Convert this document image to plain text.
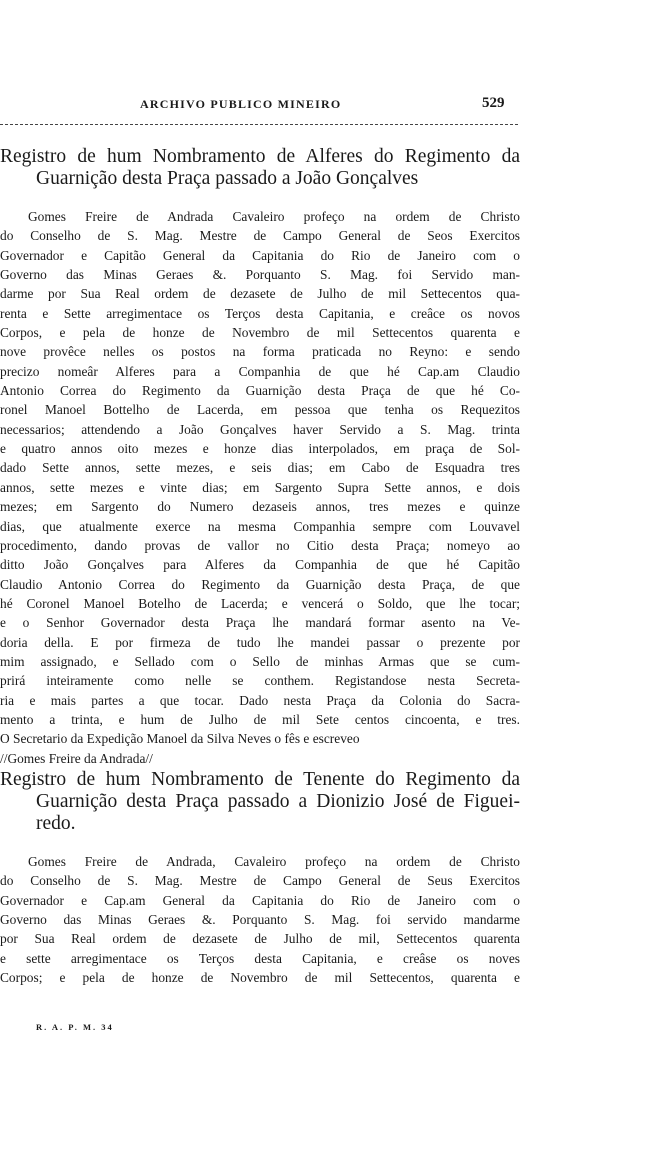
ARCHIVO PUBLICO MINEIRO	529
Registro de hum Nombramento de Alferes do Regimento da
Guarnição desta Praça passado a João Gonçalves
Gomes Freire de Andrada Cavaleiro profeço na ordem de Christo
do Conselho de S. Mag. Mestre de Campo General de Seos Exercitos
Governador e Capitão General da Capitania do Rio de Janeiro com o
Governo das Minas Geraes &. Porquanto S. Mag. foi Servido man-
darme por Sua Real ordem de dezasete de Julho de mil Settecentos qua-
renta e Sette arregimentace os Terços desta Capitania, e creâce os novos
Corpos, e pela de honze de Novembro de mil Settecentos quarenta e
nove provêce nelles os postos na forma praticada no Reyno: e sendo
precizo nomeâr Alferes para a Companhia de que hé Cap.am Claudio
Antonio Correa do Regimento da Guarnição desta Praça de que hé Co-
ronel Manoel Bottelho de Lacerda, em pessoa que tenha os Requezitos
necessarios; attendendo a João Gonçalves haver Servido a S. Mag. trinta
e quatro annos oito mezes e honze dias interpolados, em praça de Sol-
dado Sette annos, sette mezes, e seis dias; em Cabo de Esquadra tres
annos, sette mezes e vinte dias; em Sargento Supra Sette annos, e dois
mezes; em Sargento do Numero dezaseis annos, tres mezes e quinze
dias, que atualmente exerce na mesma Companhia sempre com Louvavel
procedimento, dando provas de vallor no Citio desta Praça; nomeyo ao
ditto João Gonçalves para Alferes da Companhia de que hé Capitão
Claudio Antonio Correa do Regimento da Guarnição desta Praça, de que
hé Coronel Manoel Botelho de Lacerda; e vencerá o Soldo, que lhe tocar;
e o Senhor Governador desta Praça lhe mandará formar asento na Ve-
doria della. E por firmeza de tudo lhe mandei passar o prezente por
mim assignado, e Sellado com o Sello de minhas Armas que se cum-
prirá inteiramente como nelle se conthem. Registandose nesta Secreta-
ria e mais partes a que tocar. Dado nesta Praça da Colonia do Sacra-
mento a trinta, e hum de Julho de mil Sete centos cincoenta, e tres.
O Secretario da Expedição Manoel da Silva Neves o fês e escreveo
//Gomes Freire da Andrada//
Registro de hum Nombramento de Tenente do Regimento da
Guarnição desta Praça passado a Dionizio José de Figuei-
redo.
Gomes Freire de Andrada, Cavaleiro profeço na ordem de Christo
do Conselho de S. Mag. Mestre de Campo General de Seus Exercitos
Governador e Cap.am General da Capitania do Rio de Janeiro com o
Governo das Minas Geraes &. Porquanto S. Mag. foi servido mandarme
por Sua Real ordem de dezasete de Julho de mil, Settecentos quarenta
e sette arregimentace os Terços desta Capitania, e creâse os noves
Corpos; e pela de honze de Novembro de mil Settecentos, quarenta e
R. A. P. M. 34
